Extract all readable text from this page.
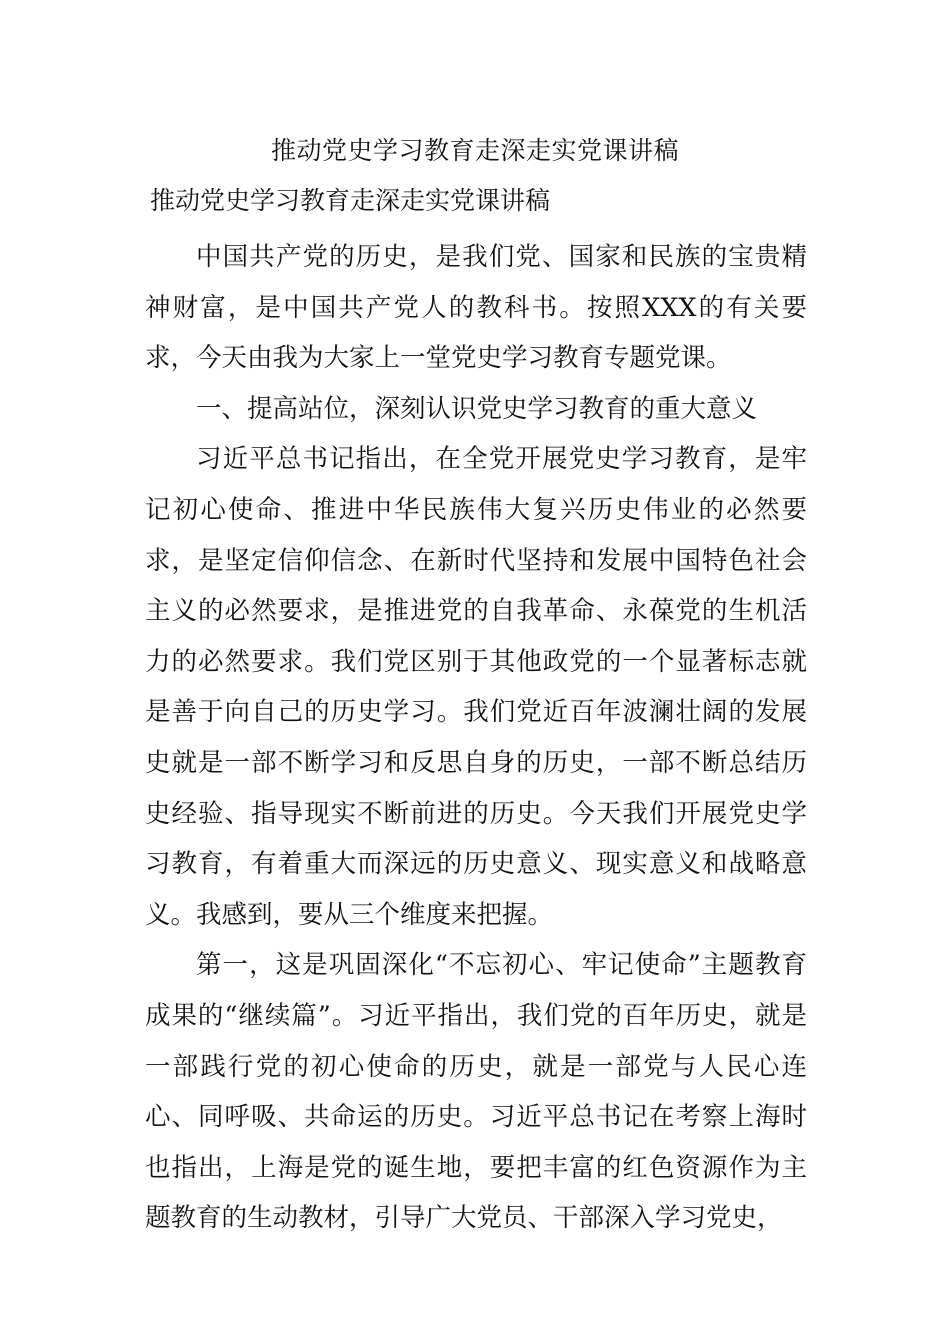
推动党史学习教育走深走实党课讲稿
推动党史学习教育走深走实党课讲稿

中国共产党的历史，是我们党、国家和民族的宝贵精神财富，是中国共产党人的教科书。按照XXX的有关要求，今天由我为大家上一堂党史学习教育专题党课。

一、提高站位，深刻认识党史学习教育的重大意义

习近平总书记指出，在全党开展党史学习教育，是牢记初心使命、推进中华民族伟大复兴历史伟业的必然要求，是坚定信仰信念、在新时代坚持和发展中国特色社会主义的必然要求，是推进党的自我革命、永葆党的生机活力的必然要求。我们党区别于其他政党的一个显著标志就是善于向自己的历史学习。我们党近百年波澜壮阔的发展史就是一部不断学习和反思自身的历史，一部不断总结历史经验、指导现实不断前进的历史。今天我们开展党史学习教育，有着重大而深远的历史意义、现实意义和战略意义。我感到，要从三个维度来把握。

第一，这是巩固深化“不忘初心、牢记使命”主题教育成果的“继续篇”。习近平指出，我们党的百年历史，就是一部践行党的初心使命的历史，就是一部党与人民心连心、同呼吸、共命运的历史。习近平总书记在考察上海时也指出，上海是党的诞生地，要把丰富的红色资源作为主题教育的生动教材，引导广大党员、干部深入学习党史，
